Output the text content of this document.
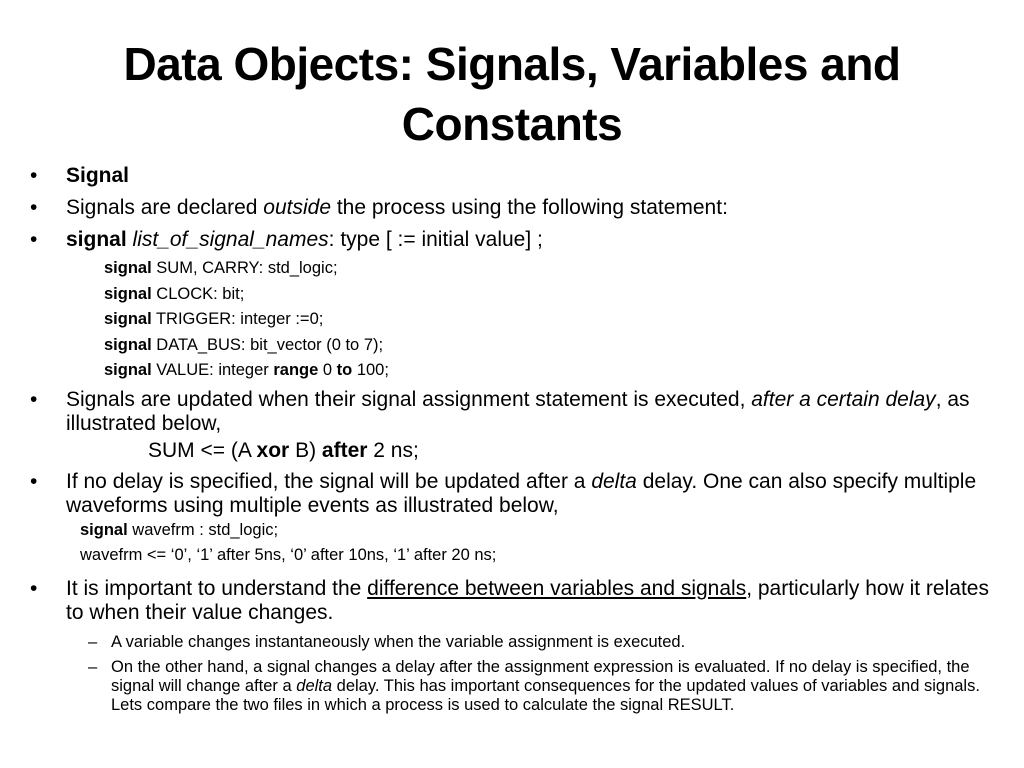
Data Objects: Signals, Variables and Constants
• Signal
• Signals are declared outside the process using the following statement:
• signal list_of_signal_names: type [ := initial value] ;
signal SUM, CARRY: std_logic;
signal CLOCK: bit;
signal TRIGGER: integer :=0;
signal DATA_BUS: bit_vector (0 to 7);
signal VALUE: integer range 0 to 100;
• Signals are updated when their signal assignment statement is executed, after a certain delay, as illustrated below,
SUM <= (A xor B) after 2 ns;
• If no delay is specified, the signal will be updated after a delta delay. One can also specify multiple waveforms using multiple events as illustrated below,
signal wavefrm : std_logic;
wavefrm <= ‘0’, ‘1’ after 5ns, ‘0’ after 10ns, ‘1’ after 20 ns;
• It is important to understand the difference between variables and signals, particularly how it relates to when their value changes.
– A variable changes instantaneously when the variable assignment is executed.
– On the other hand, a signal changes a delay after the assignment expression is evaluated. If no delay is specified, the signal will change after a delta delay. This has important consequences for the updated values of variables and signals. Lets compare the two files in which a process is used to calculate the signal RESULT.
